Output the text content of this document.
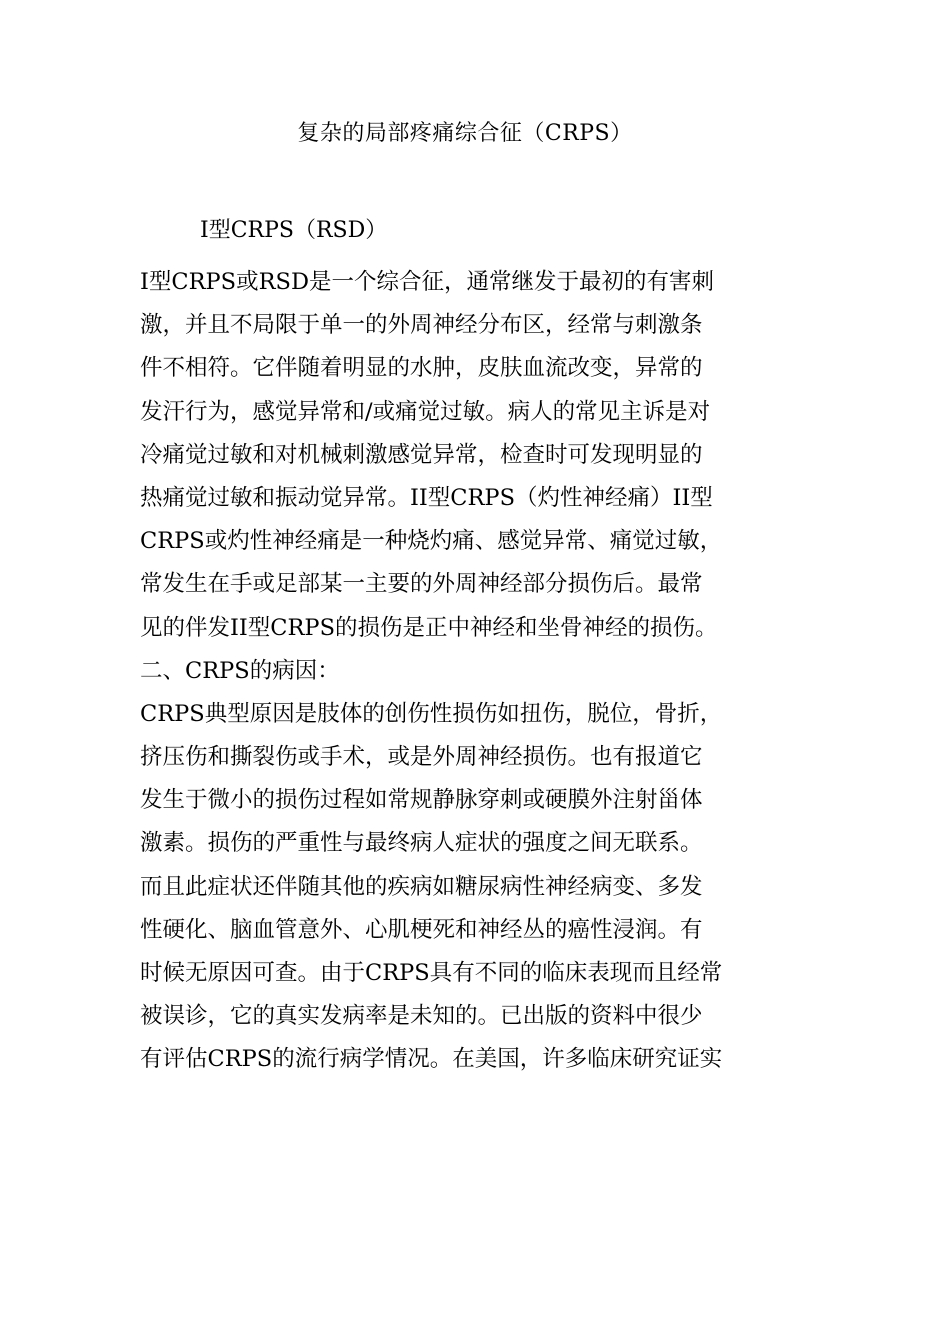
复杂的局部疼痛综合征（CRPS）
I型CRPS（RSD）
I型CRPS或RSD是一个综合征，通常继发于最初的有害刺
激，并且不局限于单一的外周神经分布区，经常与刺激条
件不相符。它伴随着明显的水肿，皮肤血流改变，异常的
发汗行为，感觉异常和/或痛觉过敏。病人的常见主诉是对
冷痛觉过敏和对机械刺激感觉异常，检查时可发现明显的
热痛觉过敏和振动觉异常。II型CRPS（灼性神经痛）II型
CRPS或灼性神经痛是一种烧灼痛、感觉异常、痛觉过敏，
常发生在手或足部某一主要的外周神经部分损伤后。最常
见的伴发II型CRPS的损伤是正中神经和坐骨神经的损伤。
二、CRPS的病因：
CRPS典型原因是肢体的创伤性损伤如扭伤，脱位，骨折，
挤压伤和撕裂伤或手术，或是外周神经损伤。也有报道它
发生于微小的损伤过程如常规静脉穿刺或硬膜外注射甾体
激素。损伤的严重性与最终病人症状的强度之间无联系。
而且此症状还伴随其他的疾病如糖尿病性神经病变、多发
性硬化、脑血管意外、心肌梗死和神经丛的癌性浸润。有
时候无原因可查。由于CRPS具有不同的临床表现而且经常
被误诊，它的真实发病率是未知的。已出版的资料中很少
有评估CRPS的流行病学情况。在美国，许多临床研究证实
